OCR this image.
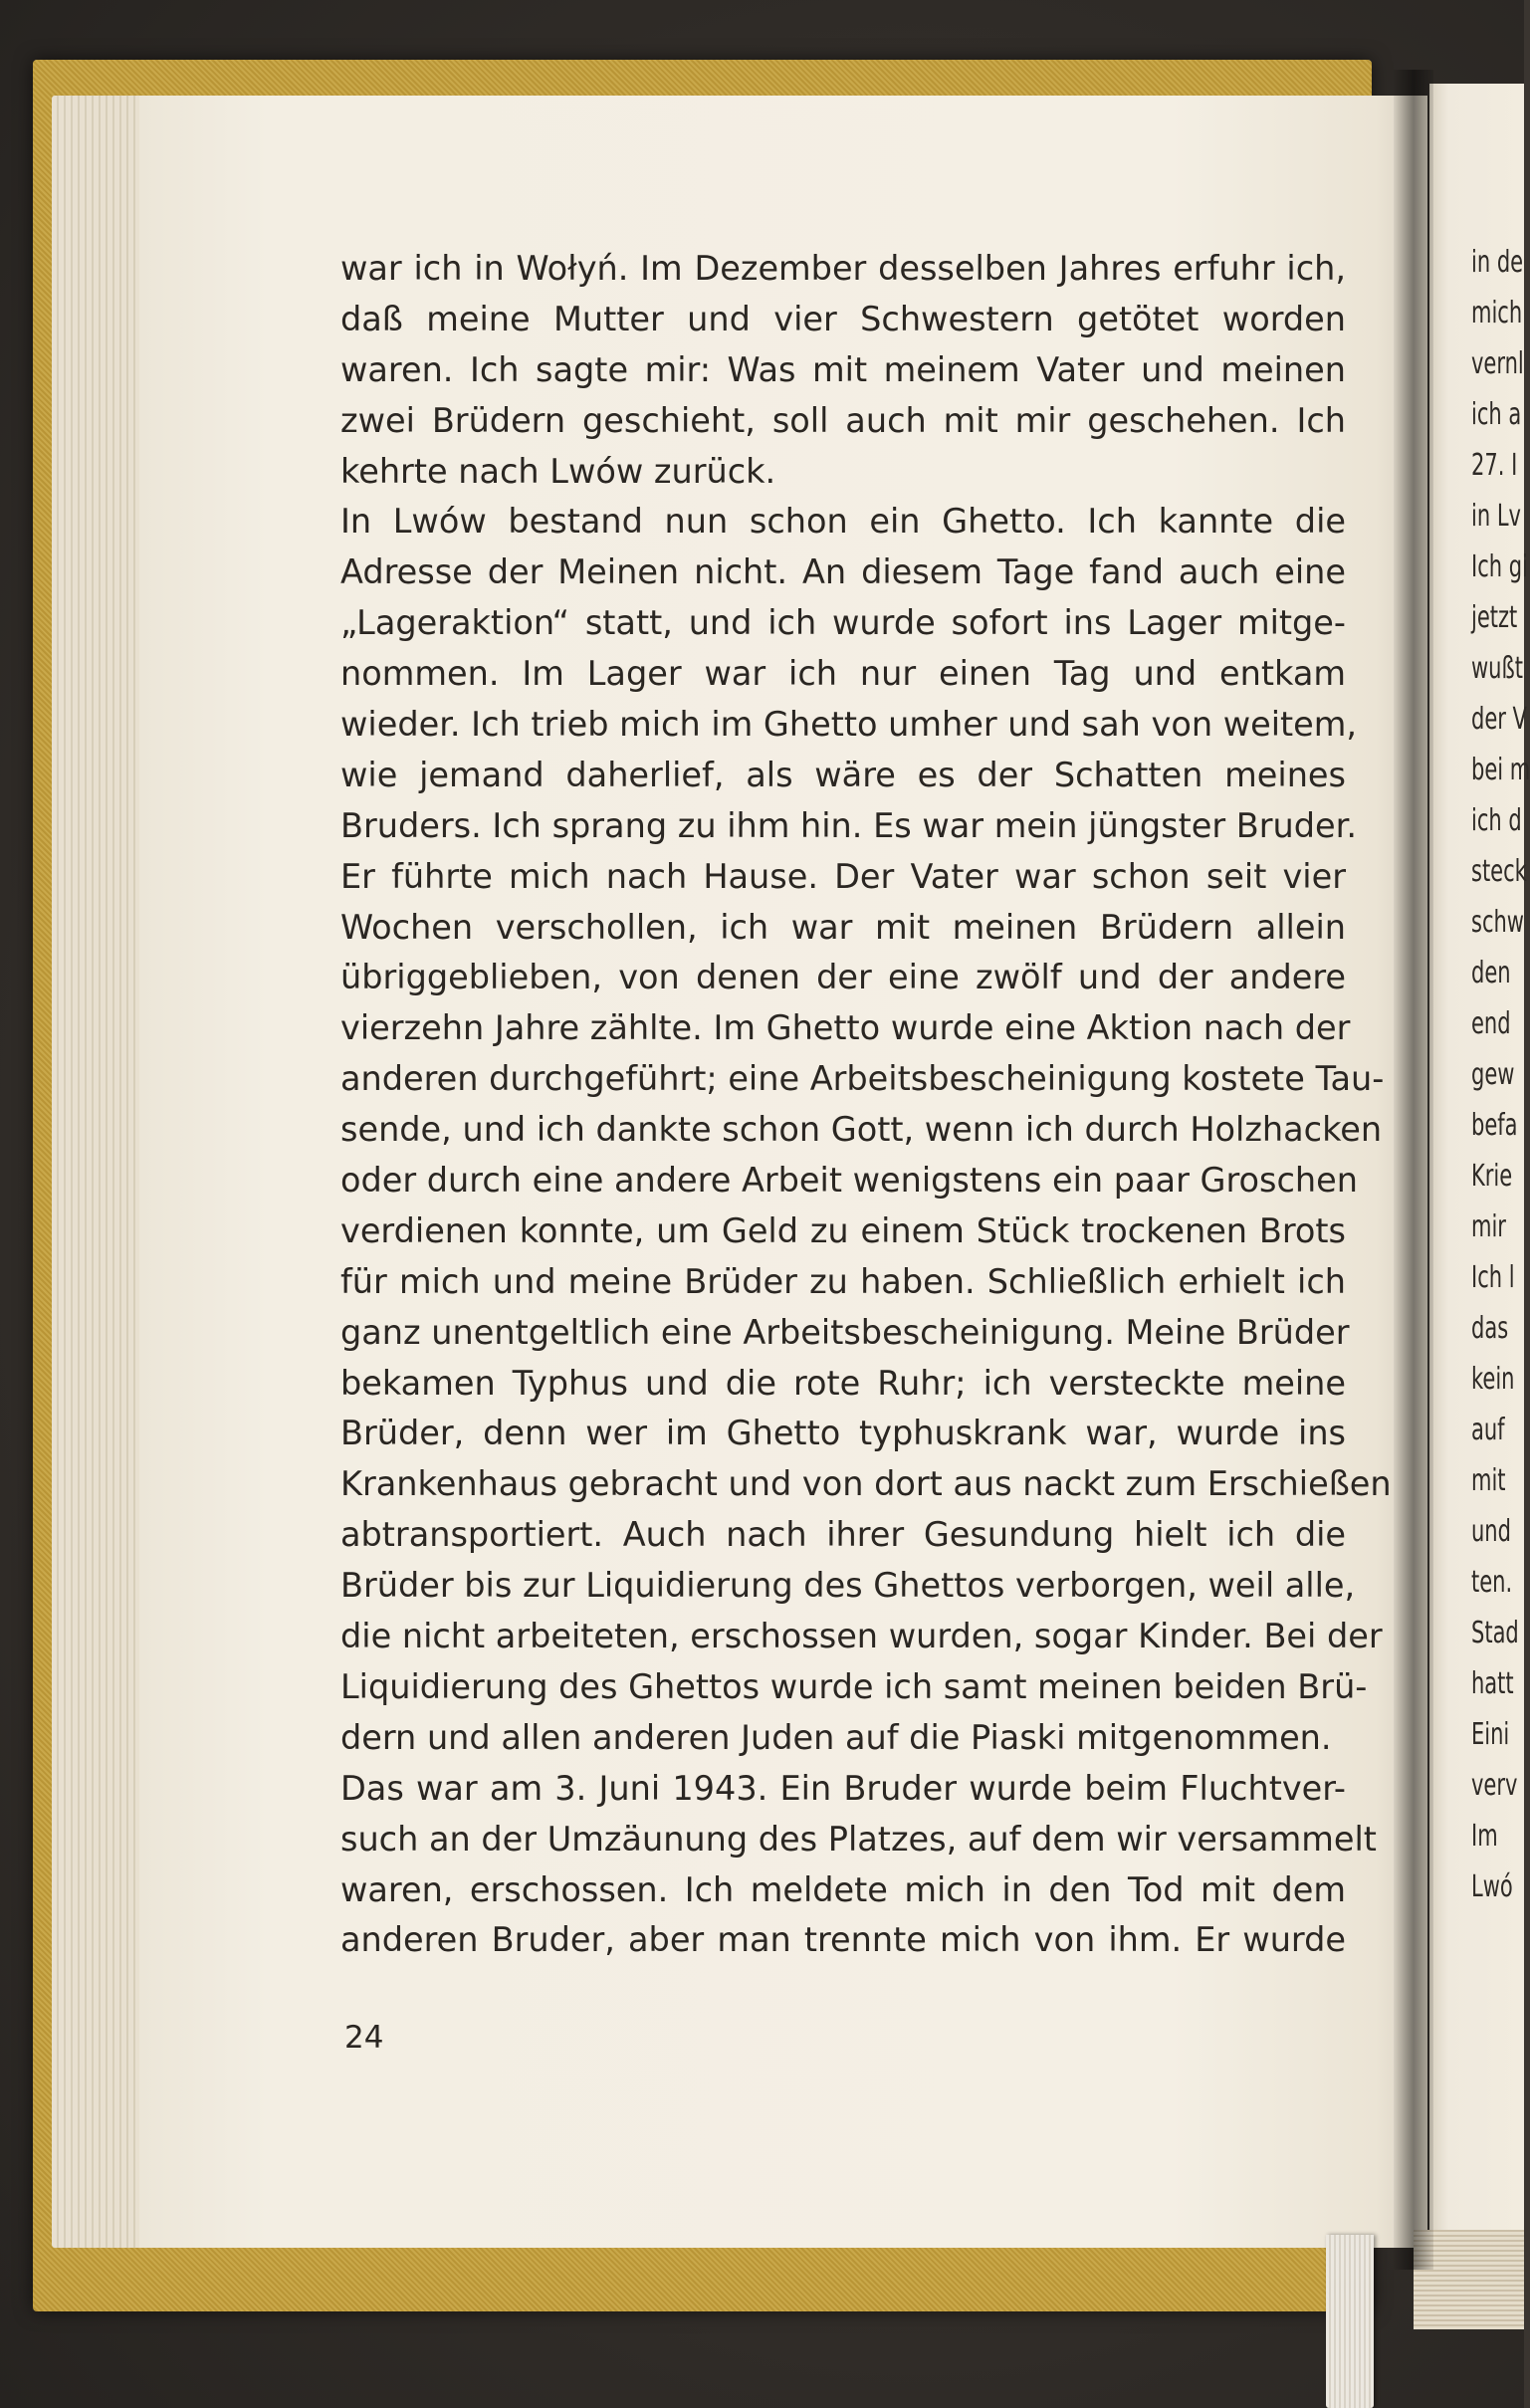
war ich in Wołyń. Im Dezember desselben Jahres erfuhr ich,
daß meine Mutter und vier Schwestern getötet worden
waren. Ich sagte mir: Was mit meinem Vater und meinen
zwei Brüdern geschieht, soll auch mit mir geschehen. Ich
kehrte nach Lwów zurück.
In Lwów bestand nun schon ein Ghetto. Ich kannte die
Adresse der Meinen nicht. An diesem Tage fand auch eine
„Lageraktion“ statt, und ich wurde sofort ins Lager mitge-
nommen. Im Lager war ich nur einen Tag und entkam
wieder. Ich trieb mich im Ghetto umher und sah von weitem,
wie jemand daherlief, als wäre es der Schatten meines
Bruders. Ich sprang zu ihm hin. Es war mein jüngster Bruder.
Er führte mich nach Hause. Der Vater war schon seit vier
Wochen verschollen, ich war mit meinen Brüdern allein
übriggeblieben, von denen der eine zwölf und der andere
vierzehn Jahre zählte. Im Ghetto wurde eine Aktion nach der
anderen durchgeführt; eine Arbeitsbescheinigung kostete Tau-
sende, und ich dankte schon Gott, wenn ich durch Holzhacken
oder durch eine andere Arbeit wenigstens ein paar Groschen
verdienen konnte, um Geld zu einem Stück trockenen Brots
für mich und meine Brüder zu haben. Schließlich erhielt ich
ganz unentgeltlich eine Arbeitsbescheinigung. Meine Brüder
bekamen Typhus und die rote Ruhr; ich versteckte meine
Brüder, denn wer im Ghetto typhuskrank war, wurde ins
Krankenhaus gebracht und von dort aus nackt zum Erschießen
abtransportiert. Auch nach ihrer Gesundung hielt ich die
Brüder bis zur Liquidierung des Ghettos verborgen, weil alle,
die nicht arbeiteten, erschossen wurden, sogar Kinder. Bei der
Liquidierung des Ghettos wurde ich samt meinen beiden Brü-
dern und allen anderen Juden auf die Piaski mitgenommen.
Das war am 3. Juni 1943. Ein Bruder wurde beim Fluchtver-
such an der Umzäunung des Platzes, auf dem wir versammelt
waren, erschossen. Ich meldete mich in den Tod mit dem
anderen Bruder, aber man trennte mich von ihm. Er wurde
24
in de
mich
vernl
ich a
27. I
in Lv
Ich gi
jetzt
wußt
der V
bei m
ich d
steck
schw
den
end
gew
befa
Krie
mir
Ich l
das
kein
auf
mit
und
ten.
Stad
hatt
Eini
verv
Im
Lwó
